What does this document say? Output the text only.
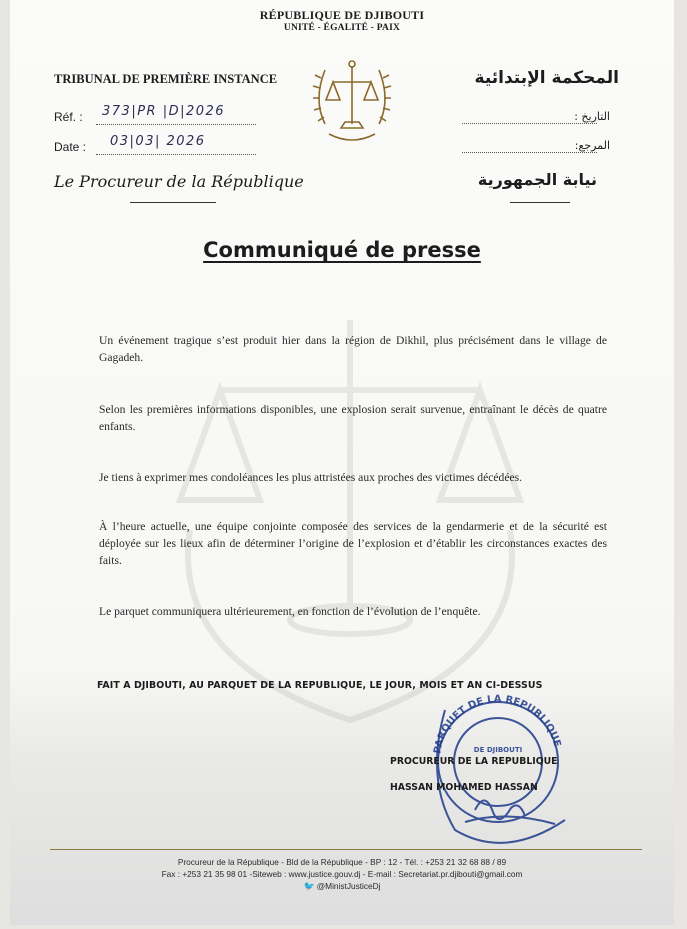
RÉPUBLIQUE DE DJIBOUTI
UNITÉ - ÉGALITÉ - PAIX
TRIBUNAL DE PREMIÈRE INSTANCE
Réf. : 373|PR |D|2026
Date : 03|03| 2026
Le Procureur de la République
المحكمة الإبتدائية
التاريخ :
المرجع:
نيابة الجمهورية
Communiqué de presse
Un événement tragique s’est produit hier dans la région de Dikhil, plus précisément dans le village de Gagadeh.
Selon les premières informations disponibles, une explosion serait survenue, entraînant le décès de quatre enfants.
Je tiens à exprimer mes condoléances les plus attristées aux proches des victimes décédées.
À l’heure actuelle, une équipe conjointe composée des services de la gendarmerie et de la sécurité est déployée sur les lieux afin de déterminer l’origine de l’explosion et d’établir les circonstances exactes des faits.
Le parquet communiquera ultérieurement, en fonction de l’évolution de l’enquête.
FAIT A DJIBOUTI, AU PARQUET DE LA REPUBLIQUE, LE JOUR, MOIS ET AN CI-DESSUS
PARQUET DE LA REPUBLIQUE
DE DJIBOUTI
PROCUREUR DE LA REPUBLIQUE
HASSAN MOHAMED HASSAN
Procureur de la République - Bld de la République - BP : 12 - Tél. : +253 21 32 68 88 / 89
Fax : +253 21 35 98 01 -Siteweb : www.justice.gouv.dj - E-mail : Secretariat.pr.djibouti@gmail.com
🐦 @MinistJusticeDj
